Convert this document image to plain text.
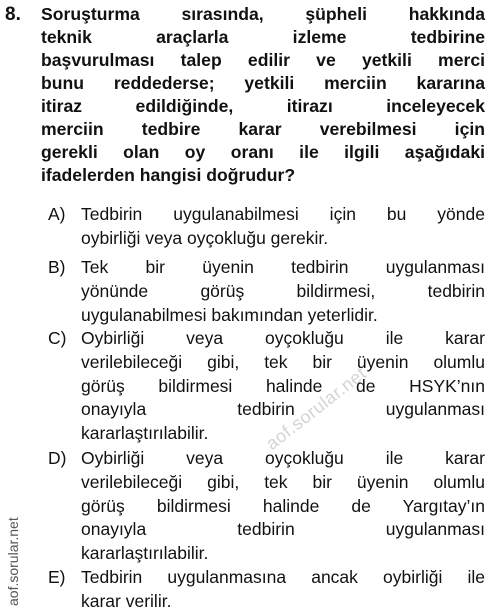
8. Soruşturma sırasında, şüpheli hakkında
teknik araçlarla izleme tedbirine
başvurulması talep edilir ve yetkili merci
bunu reddederse; yetkili merciin kararına
itiraz edildiğinde, itirazı inceleyecek
merciin tedbire karar verebilmesi için
gerekli olan oy oranı ile ilgili aşağıdaki
ifadelerden hangisi doğrudur?
A) Tedbirin uygulanabilmesi için bu yönde
oybirliği veya oyçokluğu gerekir.
B) Tek bir üyenin tedbirin uygulanması
yönünde görüş bildirmesi, tedbirin
uygulanabilmesi bakımından yeterlidir.
C) Oybirliği veya oyçokluğu ile karar
verilebileceği gibi, tek bir üyenin olumlu
görüş bildirmesi halinde de HSYK’nın
onayıyla tedbirin uygulanması
kararlaştırılabilir.
D) Oybirliği veya oyçokluğu ile karar
verilebileceği gibi, tek bir üyenin olumlu
görüş bildirmesi halinde de Yargıtay’ın
onayıyla tedbirin uygulanması
kararlaştırılabilir.
E) Tedbirin uygulanmasına ancak oybirliği ile
karar verilir.
aof.sorular.net
aof.sorular.net
